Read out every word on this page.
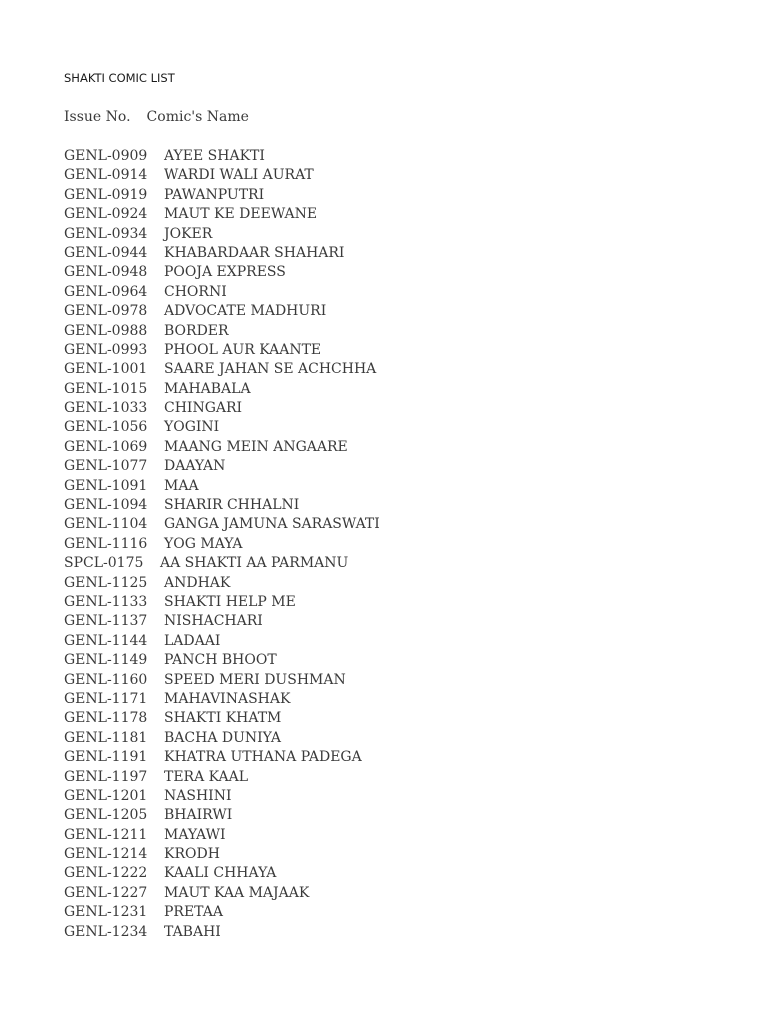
SHAKTI COMIC LIST
Issue No. Comic's Name
GENL-0909	AYEE SHAKTI
GENL-0914	WARDI WALI AURAT
GENL-0919	PAWANPUTRI
GENL-0924	MAUT KE DEEWANE
GENL-0934	JOKER
GENL-0944	KHABARDAAR SHAHARI
GENL-0948	POOJA EXPRESS
GENL-0964	CHORNI
GENL-0978	ADVOCATE MADHURI
GENL-0988	BORDER
GENL-0993	PHOOL AUR KAANTE
GENL-1001	SAARE JAHAN SE ACHCHHA
GENL-1015	MAHABALA
GENL-1033	CHINGARI
GENL-1056	YOGINI
GENL-1069	MAANG MEIN ANGAARE
GENL-1077	DAAYAN
GENL-1091	MAA
GENL-1094	SHARIR CHHALNI
GENL-1104	GANGA JAMUNA SARASWATI
GENL-1116	YOG MAYA
SPCL-0175	AA SHAKTI AA PARMANU
GENL-1125	ANDHAK
GENL-1133	SHAKTI HELP ME
GENL-1137	NISHACHARI
GENL-1144	LADAAI
GENL-1149	PANCH BHOOT
GENL-1160	SPEED MERI DUSHMAN
GENL-1171	MAHAVINASHAK
GENL-1178	SHAKTI KHATM
GENL-1181	BACHA DUNIYA
GENL-1191	KHATRA UTHANA PADEGA
GENL-1197	TERA KAAL
GENL-1201	NASHINI
GENL-1205	BHAIRWI
GENL-1211	MAYAWI
GENL-1214	KRODH
GENL-1222	KAALI CHHAYA
GENL-1227	MAUT KAA MAJAAK
GENL-1231	PRETAA
GENL-1234	TABAHI
